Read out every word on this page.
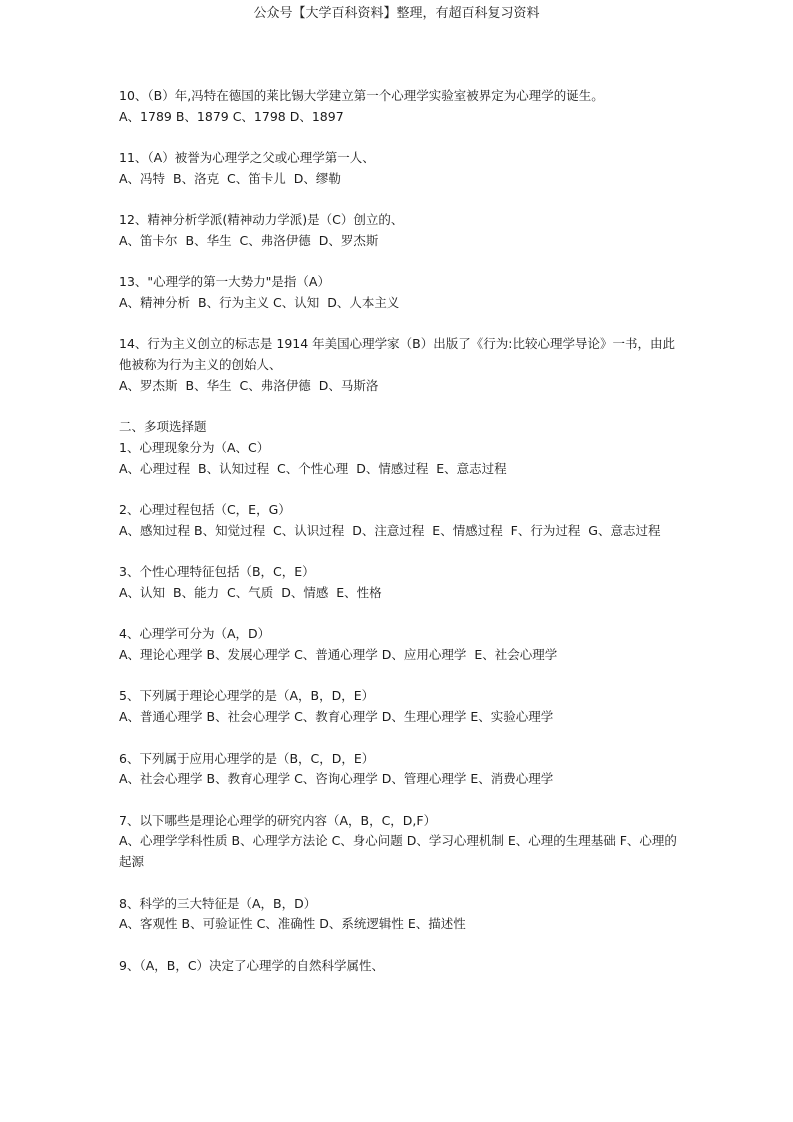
公众号【大学百科资料】整理，有超百科复习资料

10、（B）年,冯特在德国的莱比锡大学建立第一个心理学实验室被界定为心理学的诞生。

A、1789 B、1879 C、1798 D、1897

11、（A）被誉为心理学之父或心理学第一人、

A、冯特  B、洛克  C、笛卡儿  D、缪勒

12、精神分析学派(精神动力学派)是（C）创立的、

A、笛卡尔  B、华生  C、弗洛伊德  D、罗杰斯

13、"心理学的第一大势力"是指（A）

A、精神分析  B、行为主义 C、认知  D、人本主义

14、行为主义创立的标志是 1914 年美国心理学家（B）出版了《行为:比较心理学导论》一书，由此他被称为行为主义的创始人、

A、罗杰斯  B、华生  C、弗洛伊德  D、马斯洛

二、多项选择题

1、心理现象分为（A、C）

A、心理过程  B、认知过程  C、个性心理  D、情感过程  E、意志过程

2、心理过程包括（C，E，G）

A、感知过程 B、知觉过程  C、认识过程  D、注意过程  E、情感过程  F、行为过程  G、意志过程

3、个性心理特征包括（B，C，E）

A、认知  B、能力  C、气质  D、情感  E、性格

4、心理学可分为（A，D）

A、理论心理学 B、发展心理学 C、普通心理学 D、应用心理学  E、社会心理学

5、下列属于理论心理学的是（A，B，D，E）

A、普通心理学 B、社会心理学 C、教育心理学 D、生理心理学 E、实验心理学

6、下列属于应用心理学的是（B，C，D，E）

A、社会心理学 B、教育心理学 C、咨询心理学 D、管理心理学 E、消费心理学

7、以下哪些是理论心理学的研究内容（A，B，C，D,F）

A、心理学学科性质 B、心理学方法论 C、身心问题 D、学习心理机制 E、心理的生理基础 F、心理的起源

8、科学的三大特征是（A，B，D）

A、客观性 B、可验证性 C、准确性 D、系统逻辑性 E、描述性

9、（A，B，C）决定了心理学的自然科学属性、
